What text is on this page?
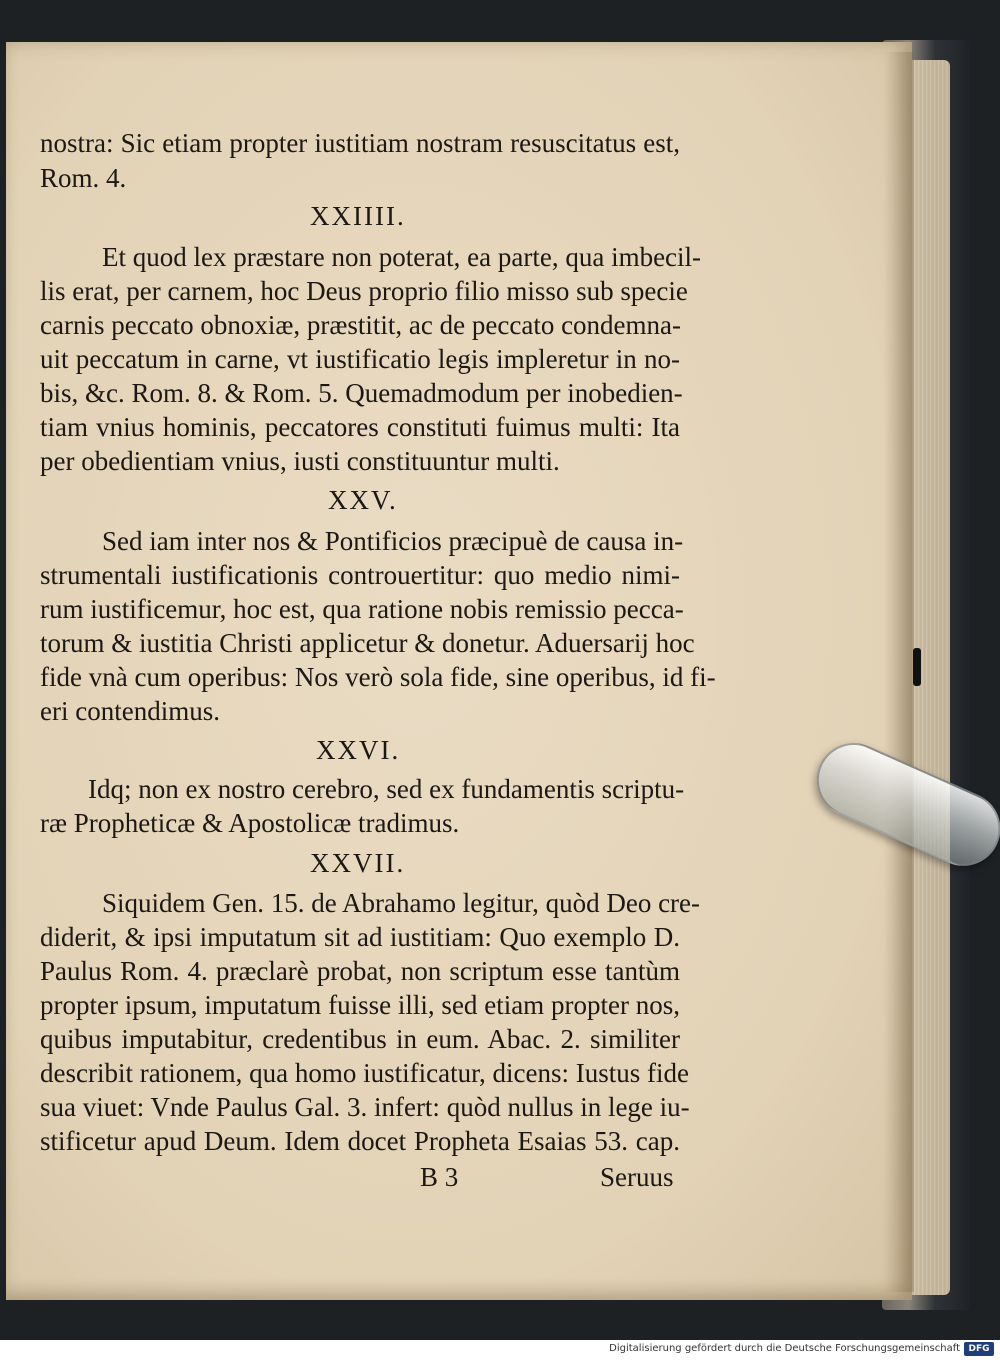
nostra: Sic etiam propter iustitiam nostram resuscitatus est,
Rom. 4.
XXIIII.
Et quod lex præstare non poterat, ea parte, qua imbecil-
lis erat, per carnem, hoc Deus proprio filio misso sub specie
carnis peccato obnoxiæ, præstitit, ac de peccato condemna-
uit peccatum in carne, vt iustificatio legis impleretur in no-
bis, &c. Rom. 8. & Rom. 5. Quemadmodum per inobedien-
tiam vnius hominis, peccatores constituti fuimus multi: Ita
per obedientiam vnius, iusti constituuntur multi.
XXV.
Sed iam inter nos & Pontificios præcipuè de causa in-
strumentali iustificationis controuertitur: quo medio nimi-
rum iustificemur, hoc est, qua ratione nobis remissio pecca-
torum & iustitia Christi applicetur & donetur. Aduersarij hoc
fide vnà cum operibus: Nos verò sola fide, sine operibus, id fi-
eri contendimus.
XXVI.
Idq; non ex nostro cerebro, sed ex fundamentis scriptu-
ræ Propheticæ & Apostolicæ tradimus.
XXVII.
Siquidem Gen. 15. de Abrahamo legitur, quòd Deo cre-
diderit, & ipsi imputatum sit ad iustitiam: Quo exemplo D.
Paulus Rom. 4. præclarè probat, non scriptum esse tantùm
propter ipsum, imputatum fuisse illi, sed etiam propter nos,
quibus imputabitur, credentibus in eum. Abac. 2. similiter
describit rationem, qua homo iustificatur, dicens: Iustus fide
sua viuet: Vnde Paulus Gal. 3. infert: quòd nullus in lege iu-
stificetur apud Deum. Idem docet Propheta Esaias 53. cap.
B 3	Seruus
Digitalisierung gefördert durch die Deutsche Forschungsgemeinschaft DFG
